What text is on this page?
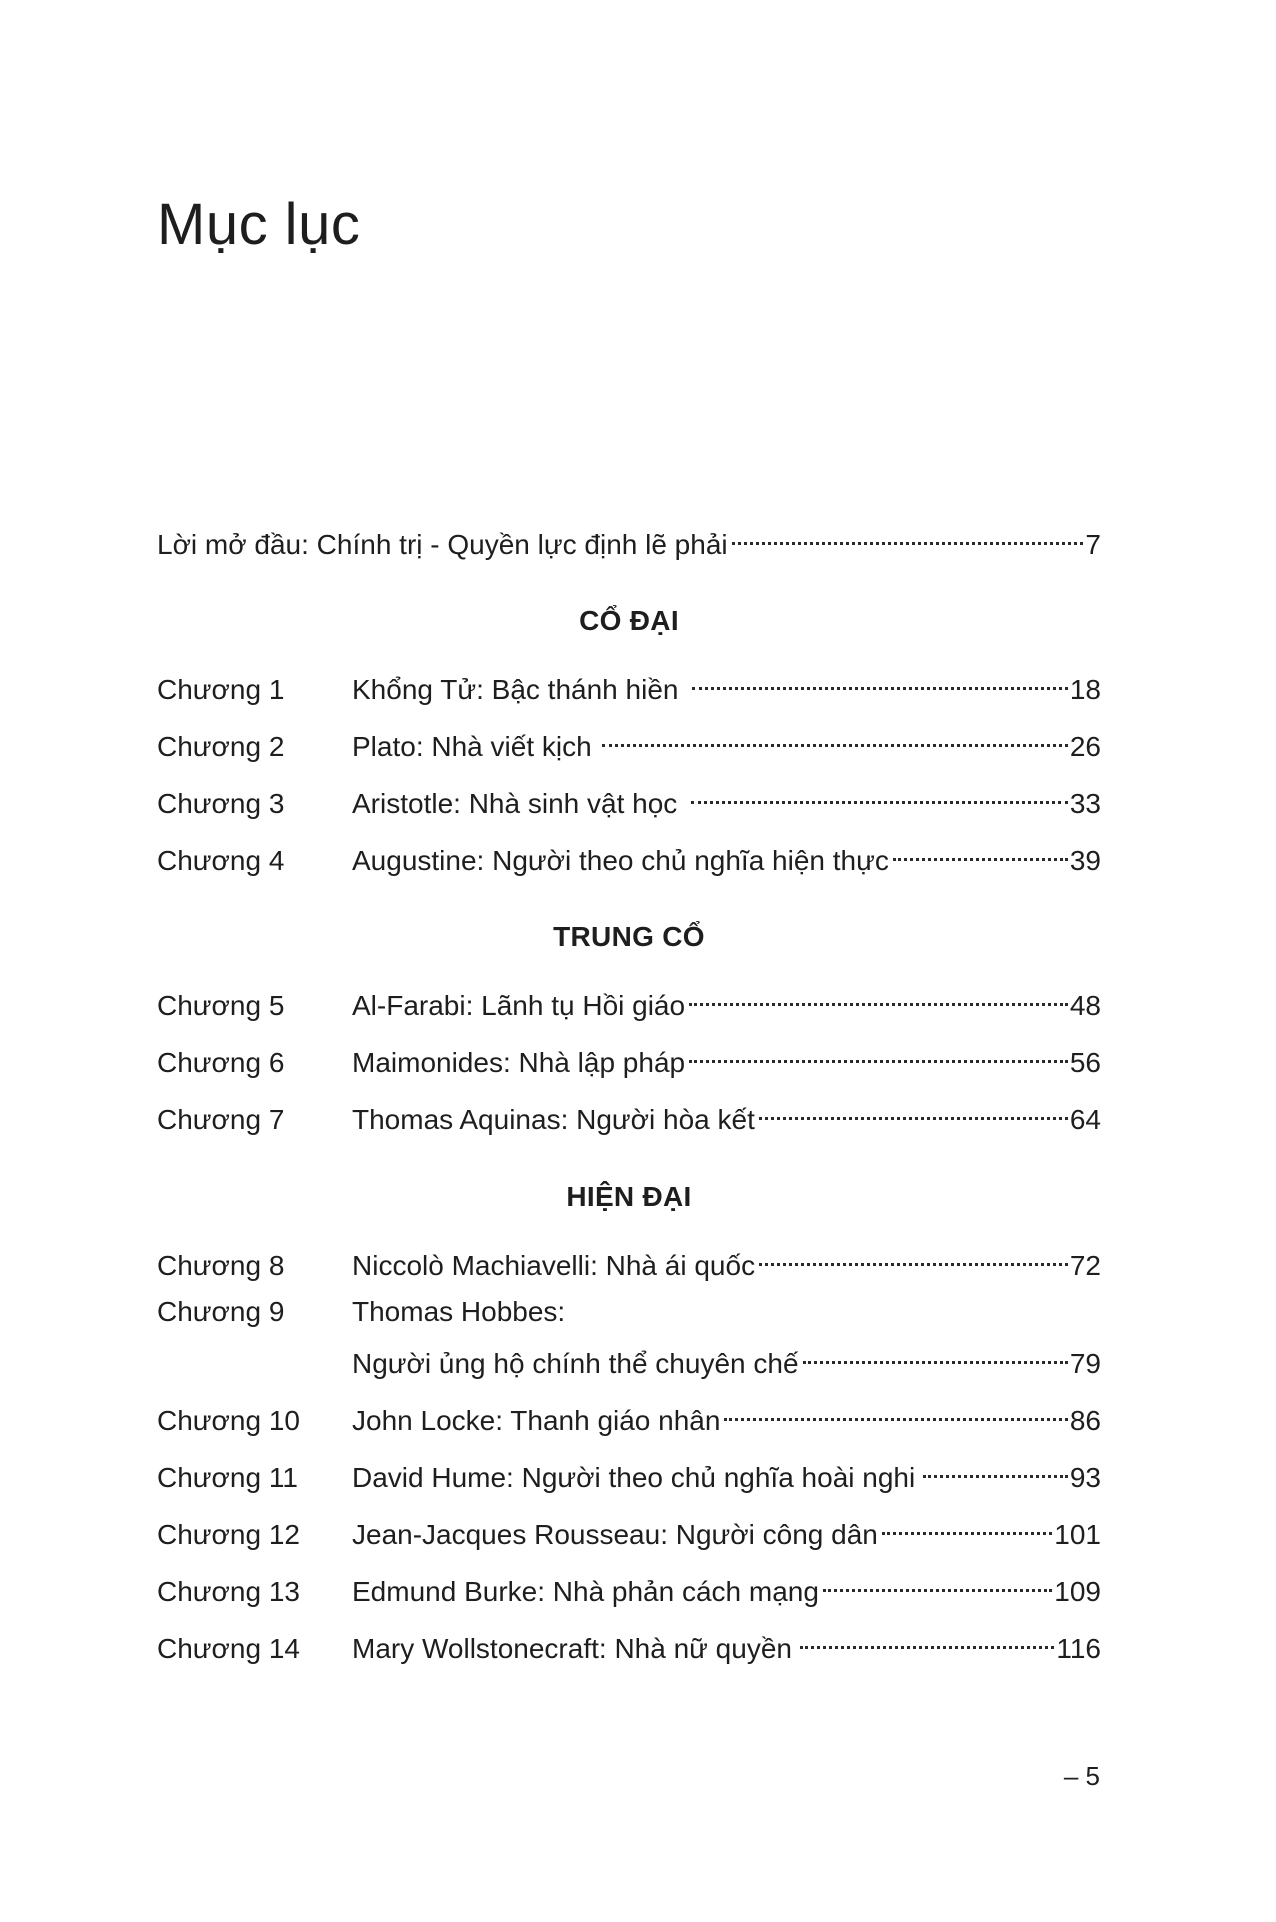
Mục lục
Lời mở đầu: Chính trị - Quyền lực định lẽ phải	7
CỔ ĐẠI
Chương 1	Khổng Tử: Bậc thánh hiền	18
Chương 2	Plato: Nhà viết kịch	26
Chương 3	Aristotle: Nhà sinh vật học	33
Chương 4	Augustine: Người theo chủ nghĩa hiện thực	39
TRUNG CỔ
Chương 5	Al-Farabi: Lãnh tụ Hồi giáo	48
Chương 6	Maimonides: Nhà lập pháp	56
Chương 7	Thomas Aquinas: Người hòa kết	64
HIỆN ĐẠI
Chương 8	Niccolò Machiavelli: Nhà ái quốc	72
Chương 9	Thomas Hobbes:
Người ủng hộ chính thể chuyên chế	79
Chương 10	John Locke: Thanh giáo nhân	86
Chương 11	David Hume: Người theo chủ nghĩa hoài nghi	93
Chương 12	Jean-Jacques Rousseau: Người công dân	101
Chương 13	Edmund Burke: Nhà phản cách mạng	109
Chương 14	Mary Wollstonecraft: Nhà nữ quyền	116
– 5
